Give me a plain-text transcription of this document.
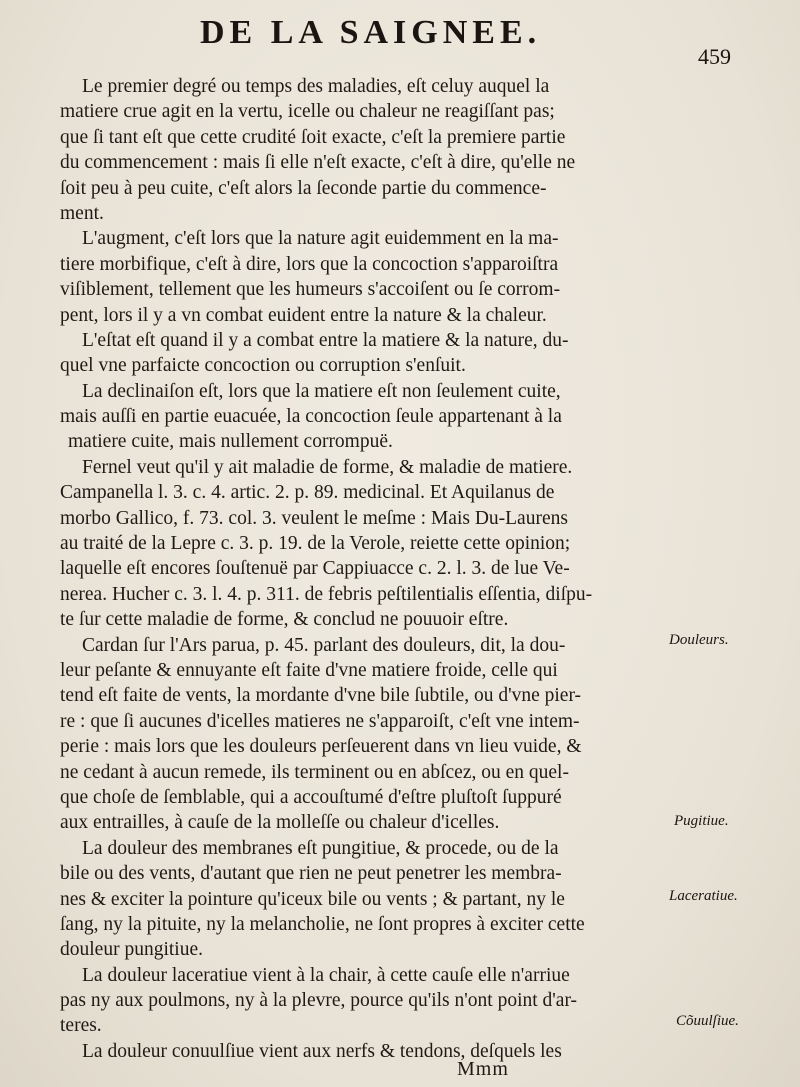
DE LA SAIGNEE.
459
Le premier degré ou temps des maladies, eſt celuy auquel la
matiere crue agit en la vertu, icelle ou chaleur ne reagiſſant pas;
que ſi tant eſt que cette crudité ſoit exacte, c'eſt la premiere partie
du commencement : mais ſi elle n'eſt exacte, c'eſt à dire, qu'elle ne
ſoit peu à peu cuite, c'eſt alors la ſeconde partie du commence-
ment.
L'augment, c'eſt lors que la nature agit euidemment en la ma-
tiere morbifique, c'eſt à dire, lors que la concoction s'apparoiſtra
viſiblement, tellement que les humeurs s'accoiſent ou ſe corrom-
pent, lors il y a vn combat euident entre la nature & la chaleur.
L'eſtat eſt quand il y a combat entre la matiere & la nature, du-
quel vne parfaicte concoction ou corruption s'enſuit.
La declinaiſon eſt, lors que la matiere eſt non ſeulement cuite,
mais auſſi en partie euacuée, la concoction ſeule appartenant à la
matiere cuite, mais nullement corrompuë.
Fernel veut qu'il y ait maladie de forme, & maladie de matiere.
Campanella l. 3. c. 4. artic. 2. p. 89. medicinal. Et Aquilanus de
morbo Gallico, f. 73. col. 3. veulent le meſme : Mais Du-Laurens
au traité de la Lepre c. 3. p. 19. de la Verole, reiette cette opinion;
laquelle eſt encores ſouſtenuë par Cappiuacce c. 2. l. 3. de lue Ve-
nerea. Hucher c. 3. l. 4. p. 311. de febris peſtilentialis eſſentia, diſpu-
te ſur cette maladie de forme, & conclud ne pouuoir eſtre.
Cardan ſur l'Ars parua, p. 45. parlant des douleurs, dit, la dou-
leur peſante & ennuyante eſt faite d'vne matiere froide, celle qui
tend eſt faite de vents, la mordante d'vne bile ſubtile, ou d'vne pier-
re : que ſi aucunes d'icelles matieres ne s'apparoiſt, c'eſt vne intem-
perie : mais lors que les douleurs perſeuerent dans vn lieu vuide, &
ne cedant à aucun remede, ils terminent ou en abſcez, ou en quel-
que choſe de ſemblable, qui a accouſtumé d'eſtre pluſtoſt ſuppuré
aux entrailles, à cauſe de la molleſſe ou chaleur d'icelles.
La douleur des membranes eſt pungitiue, & procede, ou de la
bile ou des vents, d'autant que rien ne peut penetrer les membra-
nes & exciter la pointure qu'iceux bile ou vents ; & partant, ny le
ſang, ny la pituite, ny la melancholie, ne ſont propres à exciter cette
douleur pungitiue.
La douleur laceratiue vient à la chair, à cette cauſe elle n'arriue
pas ny aux poulmons, ny à la plevre, pource qu'ils n'ont point d'ar-
teres.
La douleur conuulſiue vient aux nerfs & tendons, deſquels les
Douleurs.
Pugitiue.
Laceratiue.
Cõuulſiue.
Mmm
